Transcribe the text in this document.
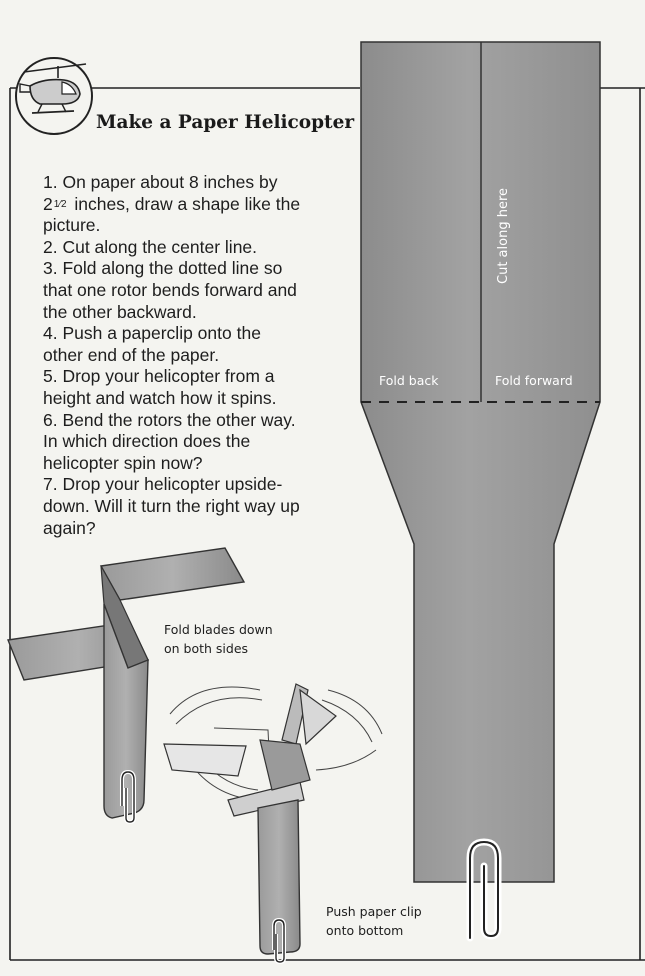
Make a Paper Helicopter
1. On paper about 8 inches by
21⁄2 inches, draw a shape like the
picture.
2. Cut along the center line.
3. Fold along the dotted line so
that one rotor bends forward and
the other backward.
4. Push a paperclip onto the
other end of the paper.
5. Drop your helicopter from a
height and watch how it spins.
6. Bend the rotors the other way.
In which direction does the
helicopter spin now?
7. Drop your helicopter upside-
down. Will it turn the right way up
again?
Cut along here
Fold back	Fold forward
Fold blades down
on both sides
Push paper clip
onto bottom
